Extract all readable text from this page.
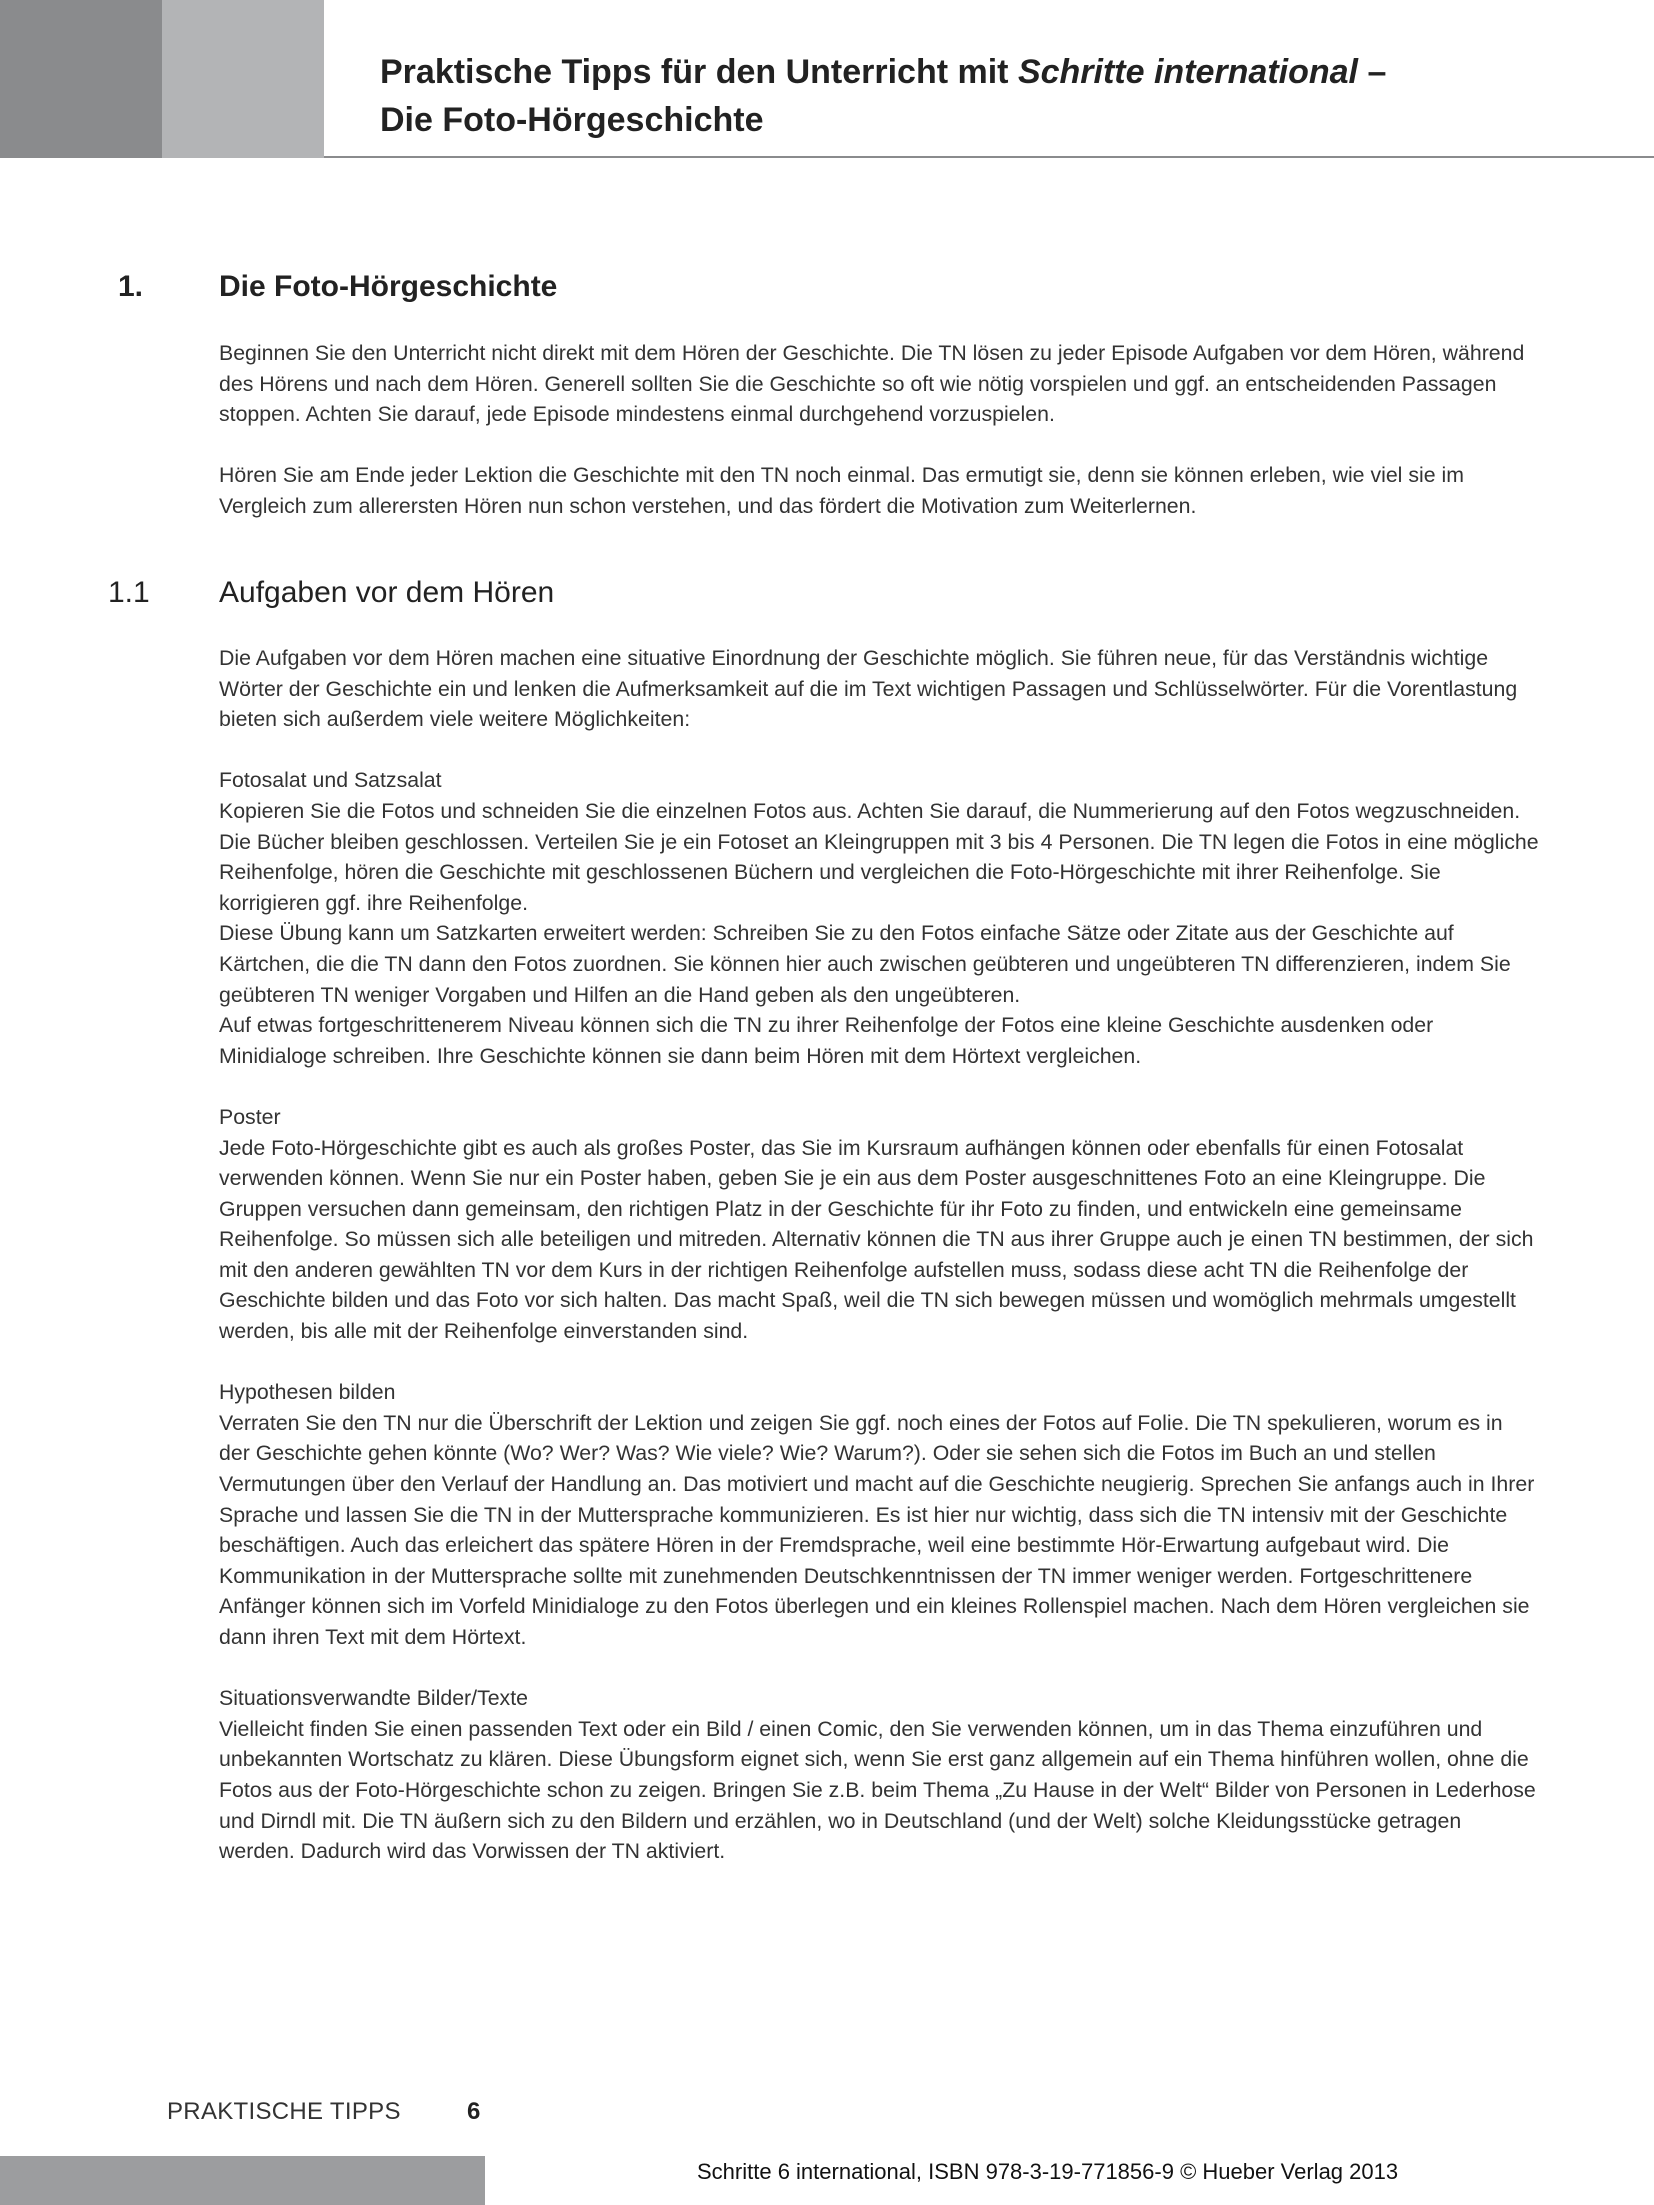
Praktische Tipps für den Unterricht mit Schritte international –
Die Foto-Hörgeschichte
1.	Die Foto-Hörgeschichte

Beginnen Sie den Unterricht nicht direkt mit dem Hören der Geschichte. Die TN lösen zu jeder Episode Aufgaben vor dem Hören, während des Hörens und nach dem Hören. Generell sollten Sie die Geschichte so oft wie nötig vorspielen und ggf. an entscheidenden Passagen stoppen. Achten Sie darauf, jede Episode mindestens einmal durchgehend vorzuspielen.

Hören Sie am Ende jeder Lektion die Geschichte mit den TN noch einmal. Das ermutigt sie, denn sie können erleben, wie viel sie im Vergleich zum allerersten Hören nun schon verstehen, und das fördert die Motivation zum Weiterlernen.

1.1 Aufgaben vor dem Hören

Die Aufgaben vor dem Hören machen eine situative Einordnung der Geschichte möglich. Sie führen neue, für das Verständnis wichtige Wörter der Geschichte ein und lenken die Aufmerksamkeit auf die im Text wichtigen Passagen und Schlüsselwörter. Für die Vorentlastung bieten sich außerdem viele weitere Möglichkeiten:

Fotosalat und Satzsalat

Kopieren Sie die Fotos und schneiden Sie die einzelnen Fotos aus. Achten Sie darauf, die Nummerierung auf den Fotos wegzuschneiden. Die Bücher bleiben geschlossen. Verteilen Sie je ein Fotoset an Kleingruppen mit 3 bis 4 Personen. Die TN legen die Fotos in eine mögliche Reihenfolge, hören die Geschichte mit geschlossenen Büchern und vergleichen die Foto-Hörgeschichte mit ihrer Reihenfolge. Sie korrigieren ggf. ihre Reihenfolge.

Diese Übung kann um Satzkarten erweitert werden: Schreiben Sie zu den Fotos einfache Sätze oder Zitate aus der Geschichte auf Kärtchen, die die TN dann den Fotos zuordnen. Sie können hier auch zwischen geübteren und ungeübteren TN differenzieren, indem Sie geübteren TN weniger Vorgaben und Hilfen an die Hand geben als den ungeübteren.

Auf etwas fortgeschrittenerem Niveau können sich die TN zu ihrer Reihenfolge der Fotos eine kleine Geschichte ausdenken oder Minidialoge schreiben. Ihre Geschichte können sie dann beim Hören mit dem Hörtext vergleichen.

Poster

Jede Foto-Hörgeschichte gibt es auch als großes Poster, das Sie im Kursraum aufhängen können oder ebenfalls für einen Fotosalat verwenden können. Wenn Sie nur ein Poster haben, geben Sie je ein aus dem Poster ausgeschnittenes Foto an eine Kleingruppe. Die Gruppen versuchen dann gemeinsam, den richtigen Platz in der Geschichte für ihr Foto zu finden, und entwickeln eine gemeinsame Reihenfolge. So müssen sich alle beteiligen und mitreden. Alternativ können die TN aus ihrer Gruppe auch je einen TN bestimmen, der sich mit den anderen gewählten TN vor dem Kurs in der richtigen Reihenfolge aufstellen muss, sodass diese acht TN die Reihenfolge der Geschichte bilden und das Foto vor sich halten. Das macht Spaß, weil die TN sich bewegen müssen und womöglich mehrmals umgestellt werden, bis alle mit der Reihenfolge einverstanden sind.

Hypothesen bilden

Verraten Sie den TN nur die Überschrift der Lektion und zeigen Sie ggf. noch eines der Fotos auf Folie. Die TN spekulieren, worum es in der Geschichte gehen könnte (Wo? Wer? Was? Wie viele? Wie? Warum?). Oder sie sehen sich die Fotos im Buch an und stellen Vermutungen über den Verlauf der Handlung an. Das motiviert und macht auf die Geschichte neugierig. Sprechen Sie anfangs auch in Ihrer Sprache und lassen Sie die TN in der Muttersprache kommunizieren. Es ist hier nur wichtig, dass sich die TN intensiv mit der Geschichte beschäftigen. Auch das erleichert das spätere Hören in der Fremdsprache, weil eine bestimmte Hör-Erwartung aufgebaut wird. Die Kommunikation in der Muttersprache sollte mit zunehmenden Deutschkenntnissen der TN immer weniger werden. Fortgeschrittenere Anfänger können sich im Vorfeld Minidialoge zu den Fotos überlegen und ein kleines Rollenspiel machen. Nach dem Hören vergleichen sie dann ihren Text mit dem Hörtext.

Situationsverwandte Bilder/Texte

Vielleicht finden Sie einen passenden Text oder ein Bild / einen Comic, den Sie verwenden können, um in das Thema einzuführen und unbekannten Wortschatz zu klären. Diese Übungsform eignet sich, wenn Sie erst ganz allgemein auf ein Thema hinführen wollen, ohne die Fotos aus der Foto-Hörgeschichte schon zu zeigen. Bringen Sie z.B. beim Thema „Zu Hause in der Welt“ Bilder von Personen in Lederhose und Dirndl mit. Die TN äußern sich zu den Bildern und erzählen, wo in Deutschland (und der Welt) solche Kleidungsstücke getragen werden. Dadurch wird das Vorwissen der TN aktiviert.

PRAKTISCHE TIPPS	6
Schritte 6 international, ISBN 978-3-19-771856-9 © Hueber Verlag 2013
